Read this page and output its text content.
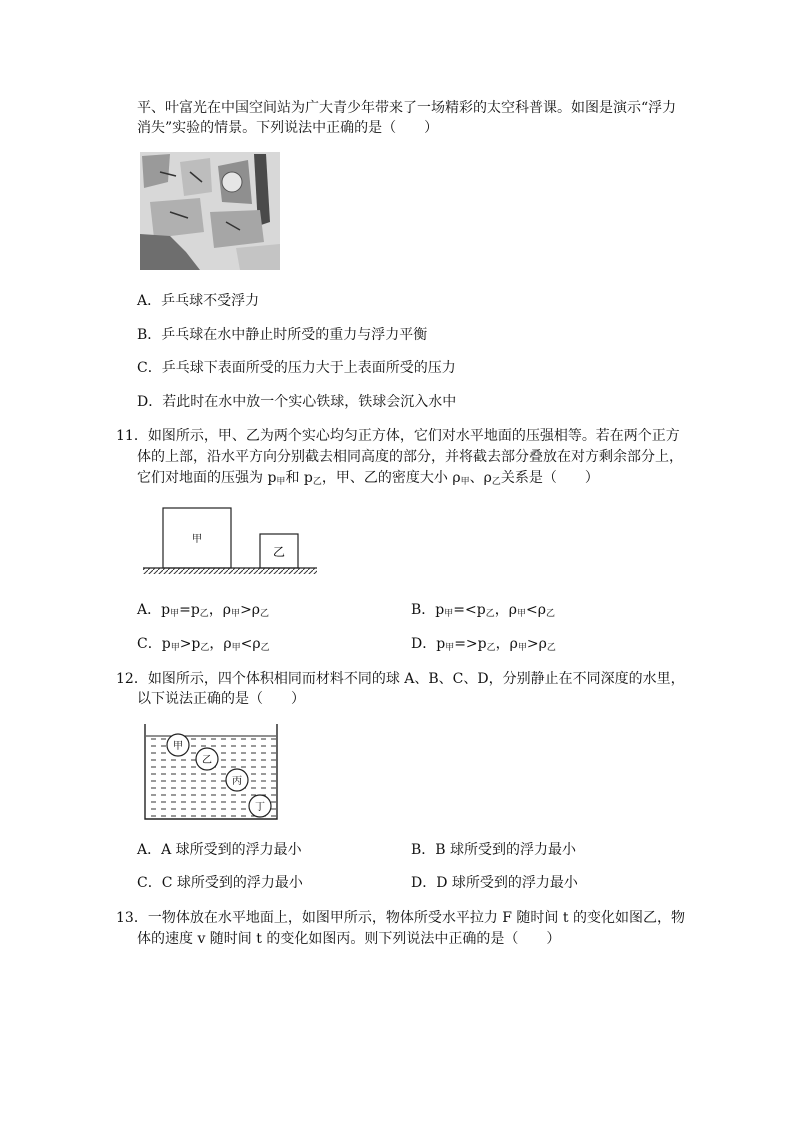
平、叶富光在中国空间站为广大青少年带来了一场精彩的太空科普课。如图是演示“浮力
消失”实验的情景。下列说法中正确的是（　　）
A．乒乓球不受浮力
B．乒乓球在水中静止时所受的重力与浮力平衡
C．乒乓球下表面所受的压力大于上表面所受的压力
D．若此时在水中放一个实心铁球，铁球会沉入水中
11．如图所示，甲、乙为两个实心均匀正方体，它们对水平地面的压强相等。若在两个正方
体的上部，沿水平方向分别截去相同高度的部分，并将截去部分叠放在对方剩余部分上，
它们对地面的压强为 $p_甲$和 $p_乙$，甲、乙的密度大小 $\rho_甲$、$\rho_乙$关系是（　　）
甲
乙
A．$p_甲=p_乙$，$\rho_甲>\rho_乙$	B．$p_甲=<p_乙$，$\rho_甲<\rho_乙$
C．$p_甲>p_乙$，$\rho_甲<\rho_乙$	D．$p_甲=>p_乙$，$\rho_甲>\rho_乙$
12．如图所示，四个体积相同而材料不同的球 A、B、C、D，分别静止在不同深度的水里，
以下说法正确的是（　　）
甲
乙
丙
丁
A．A 球所受到的浮力最小	B．B 球所受到的浮力最小
C．C 球所受到的浮力最小	D．D 球所受到的浮力最小
13．一物体放在水平地面上，如图甲所示，物体所受水平拉力 F 随时间 t 的变化如图乙，物
体的速度 v 随时间 t 的变化如图丙。则下列说法中正确的是（　　）
